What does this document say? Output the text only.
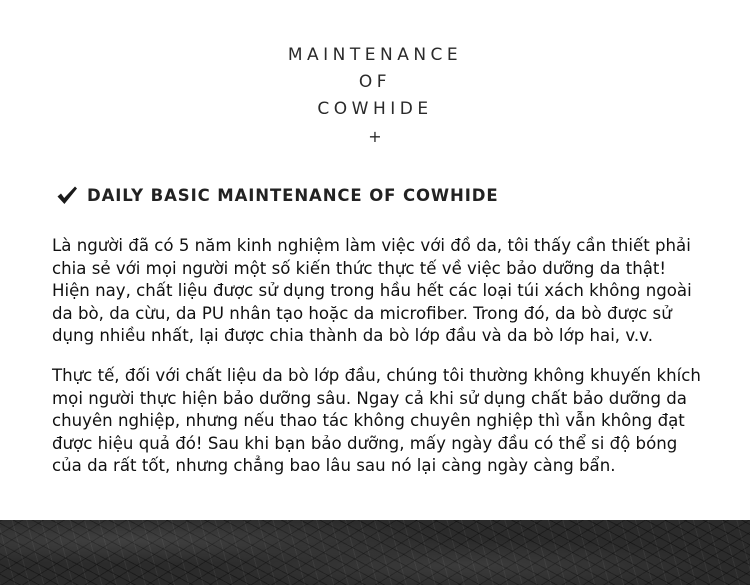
MAINTENANCE
OF
COWHIDE
+
DAILY BASIC MAINTENANCE OF COWHIDE
Là người đã có 5 năm kinh nghiệm làm việc với đồ da, tôi thấy cần thiết phải
chia sẻ với mọi người một số kiến thức thực tế về việc bảo dưỡng da thật!
Hiện nay, chất liệu được sử dụng trong hầu hết các loại túi xách không ngoài
da bò, da cừu, da PU nhân tạo hoặc da microfiber. Trong đó, da bò được sử
dụng nhiều nhất, lại được chia thành da bò lớp đầu và da bò lớp hai, v.v.
Thực tế, đối với chất liệu da bò lớp đầu, chúng tôi thường không khuyến khích
mọi người thực hiện bảo dưỡng sâu. Ngay cả khi sử dụng chất bảo dưỡng da
chuyên nghiệp, nhưng nếu thao tác không chuyên nghiệp thì vẫn không đạt
được hiệu quả đó! Sau khi bạn bảo dưỡng, mấy ngày đầu có thể si độ bóng
của da rất tốt, nhưng chẳng bao lâu sau nó lại càng ngày càng bẩn.
